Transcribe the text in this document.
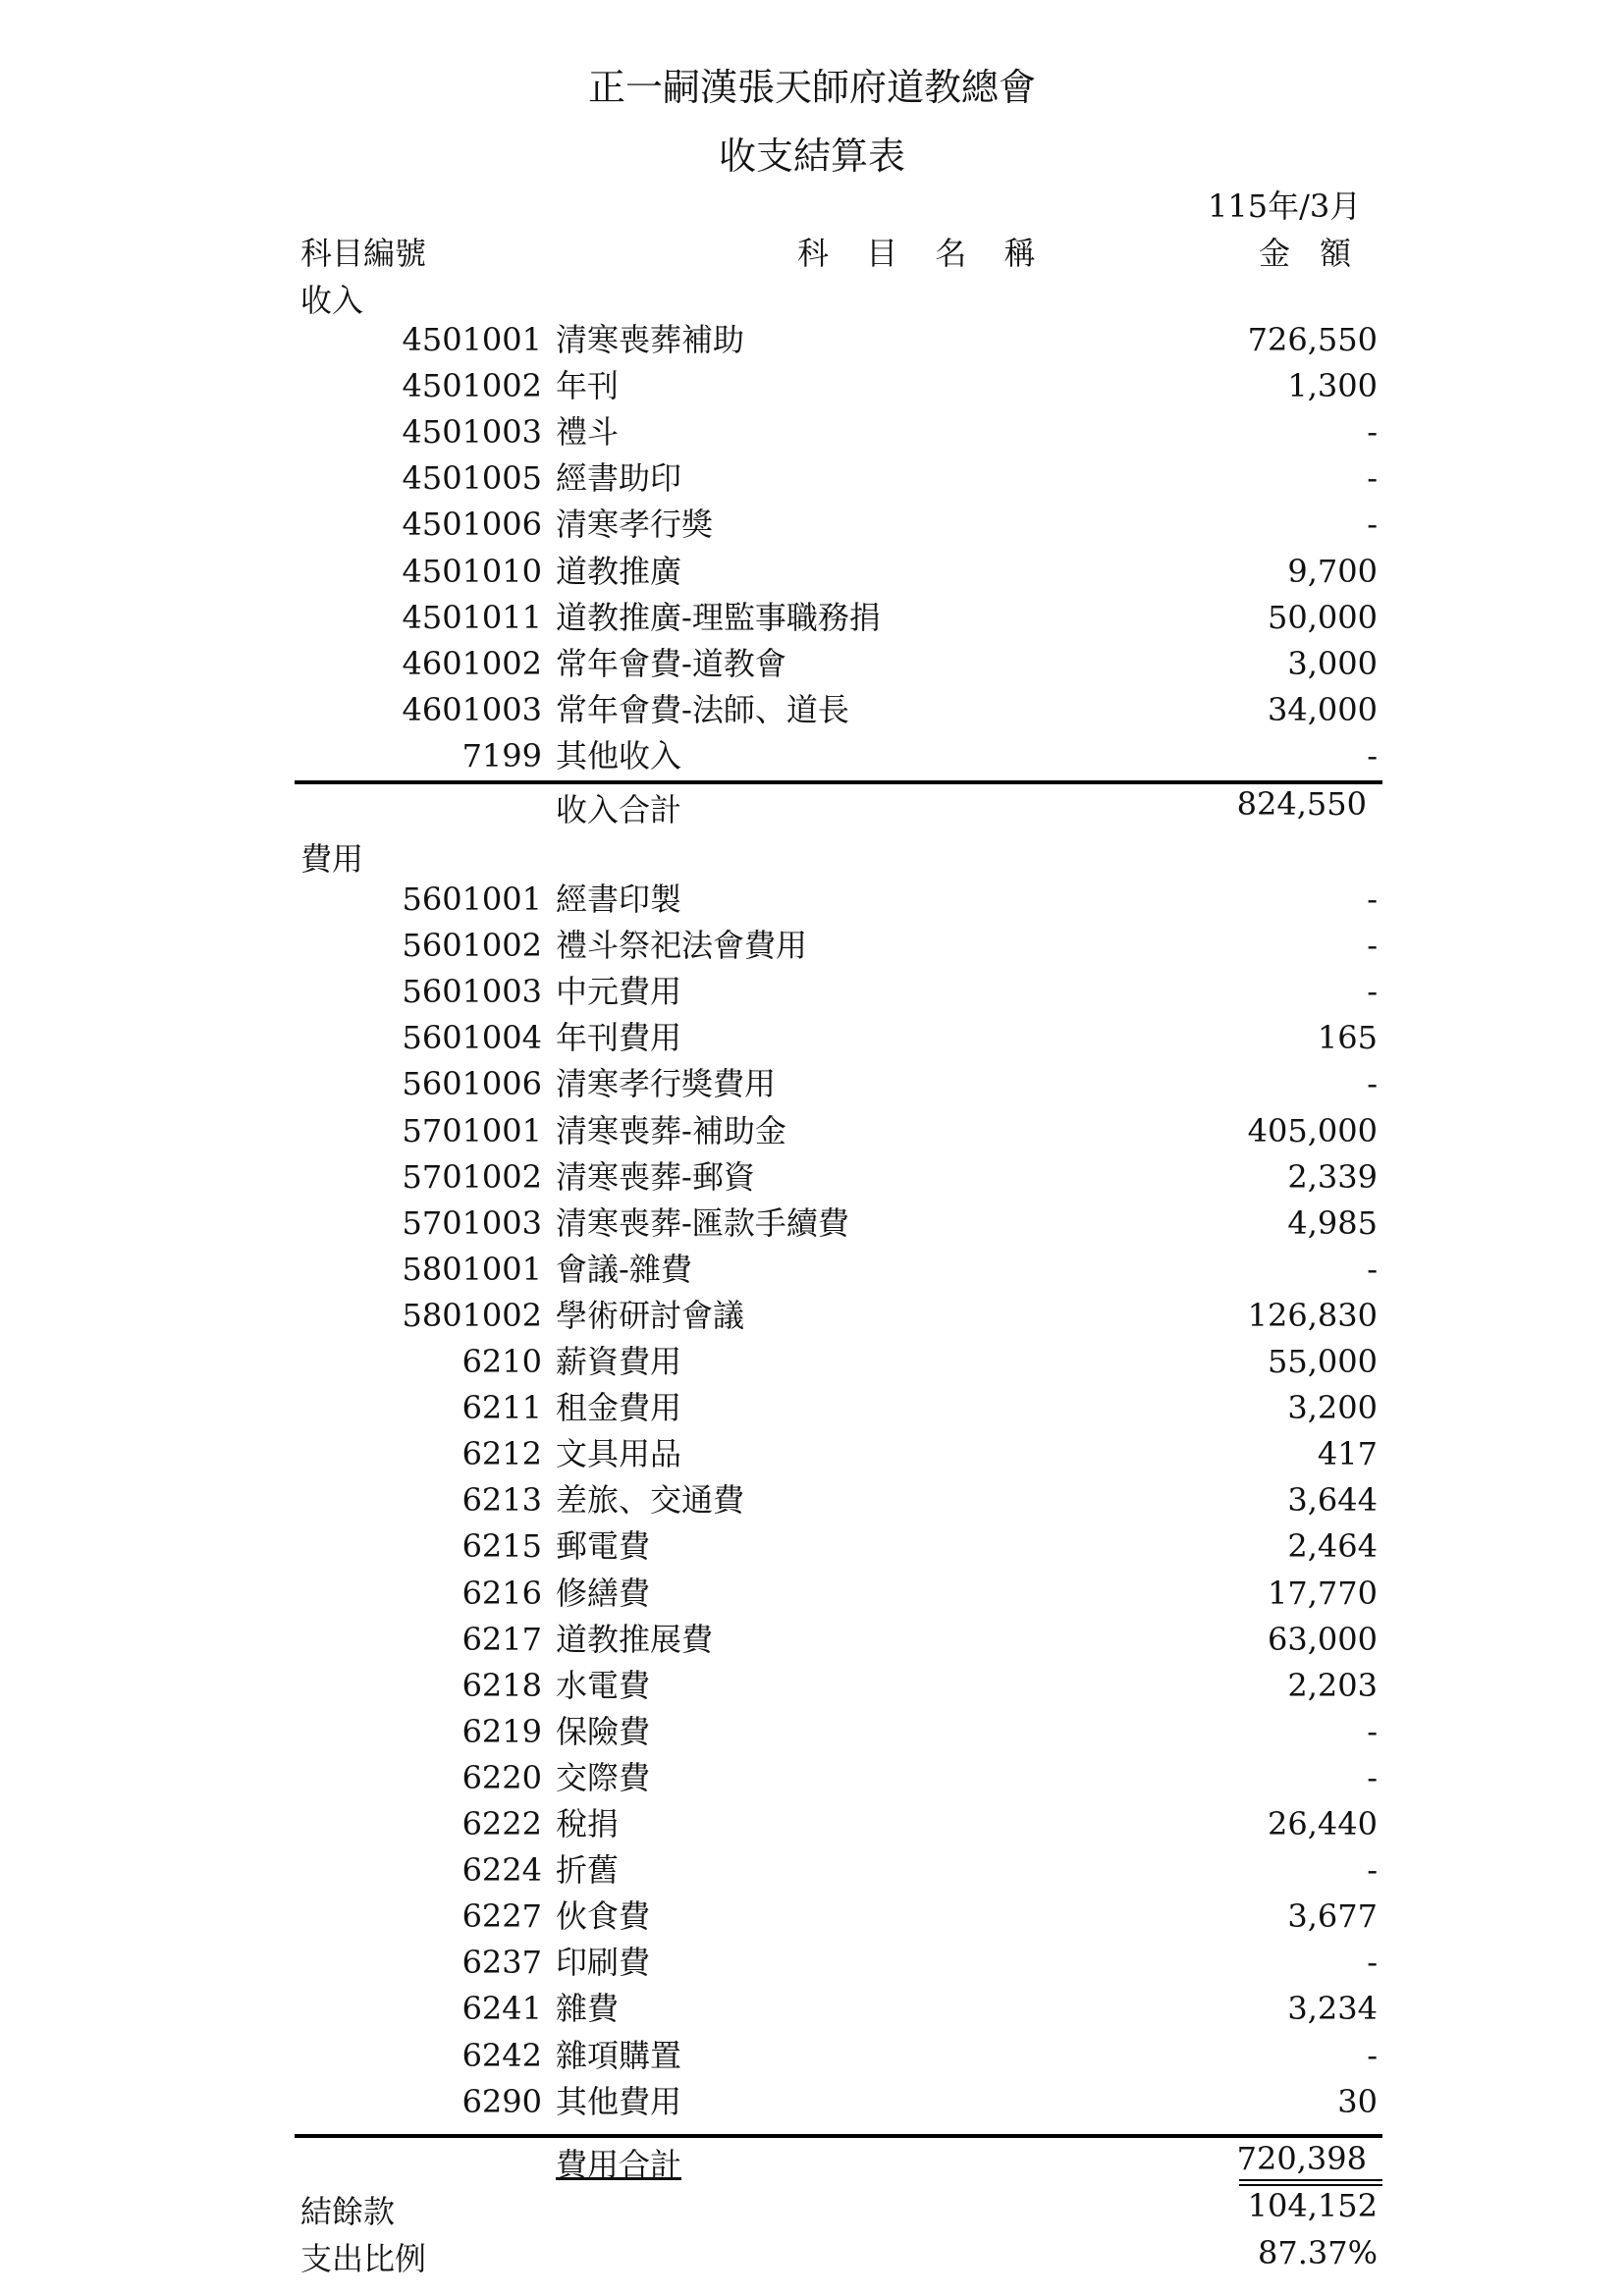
正一嗣漢張天師府道教總會
收支結算表
115年/3月
科目編號	科 目 名 稱	金 額
收入
4501001 清寒喪葬補助	726,550
4501002 年刊	1,300
4501003 禮斗	-
4501005 經書助印	-
4501006 清寒孝行獎	-
4501010 道教推廣	9,700
4501011 道教推廣-理監事職務捐	50,000
4601002 常年會費-道教會	3,000
4601003 常年會費-法師、道長	34,000
7199 其他收入	-
收入合計	824,550
費用
5601001 經書印製	-
5601002 禮斗祭祀法會費用	-
5601003 中元費用	-
5601004 年刊費用	165
5601006 清寒孝行獎費用	-
5701001 清寒喪葬-補助金	405,000
5701002 清寒喪葬-郵資	2,339
5701003 清寒喪葬-匯款手續費	4,985
5801001 會議-雜費	-
5801002 學術研討會議	126,830
6210 薪資費用	55,000
6211 租金費用	3,200
6212 文具用品	417
6213 差旅、交通費	3,644
6215 郵電費	2,464
6216 修繕費	17,770
6217 道教推展費	63,000
6218 水電費	2,203
6219 保險費	-
6220 交際費	-
6222 稅捐	26,440
6224 折舊	-
6227 伙食費	3,677
6237 印刷費	-
6241 雜費	3,234
6242 雜項購置	-
6290 其他費用	30
費用合計	720,398
結餘款	104,152
支出比例	87.37%
